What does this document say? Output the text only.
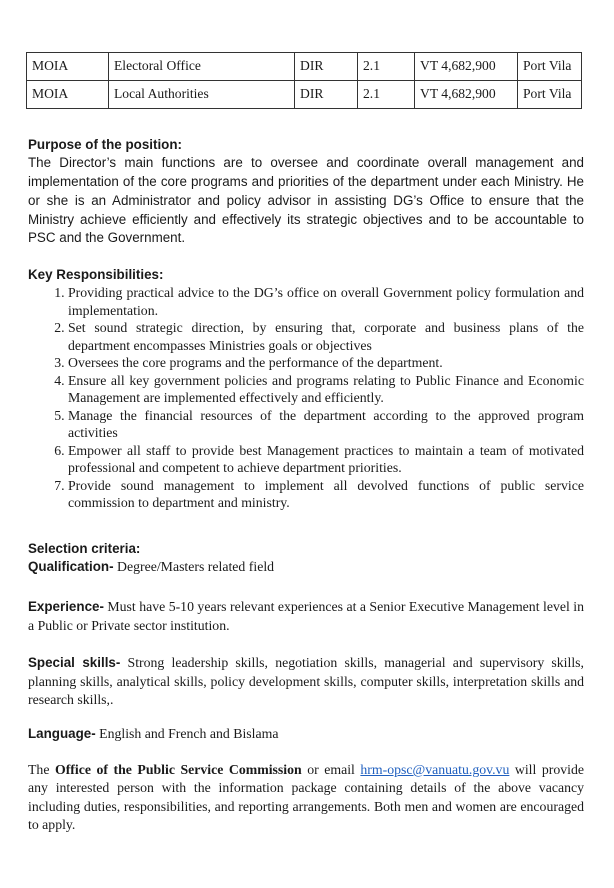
MOIA	Electoral Office	DIR	2.1	VT 4,682,900	Port Vila
MOIA	Local Authorities	DIR	2.1	VT 4,682,900	Port Vila

Purpose of the position:

The Director’s main functions are to oversee and coordinate overall management and implementation of the core programs and priorities of the department under each Ministry. He or she is an Administrator and policy advisor in assisting DG’s Office to ensure that the Ministry achieve efficiently and effectively its strategic objectives and to be accountable to PSC and the Government.

Key Responsibilities:

1. Providing practical advice to the DG’s office on overall Government policy formulation and implementation.
2. Set sound strategic direction, by ensuring that, corporate and business plans of the department encompasses Ministries goals or objectives
3. Oversees the core programs and the performance of the department.
4. Ensure all key government policies and programs relating to Public Finance and Economic Management are implemented effectively and efficiently.
5. Manage the financial resources of the department according to the approved program activities
6. Empower all staff to provide best Management practices to maintain a team of motivated professional and competent to achieve department priorities.
7. Provide sound management to implement all devolved functions of public service commission to department and ministry.

Selection criteria:

Qualification- Degree/Masters related field

Experience- Must have 5-10 years relevant experiences at a Senior Executive Management level in a Public or Private sector institution.

Special skills- Strong leadership skills, negotiation skills, managerial and supervisory skills, planning skills, analytical skills, policy development skills, computer skills, interpretation skills and research skills,.

Language- English and French and Bislama

The Office of the Public Service Commission or email hrm-opsc@vanuatu.gov.vu will provide any interested person with the information package containing details of the above vacancy including duties, responsibilities, and reporting arrangements. Both men and women are encouraged to apply.
